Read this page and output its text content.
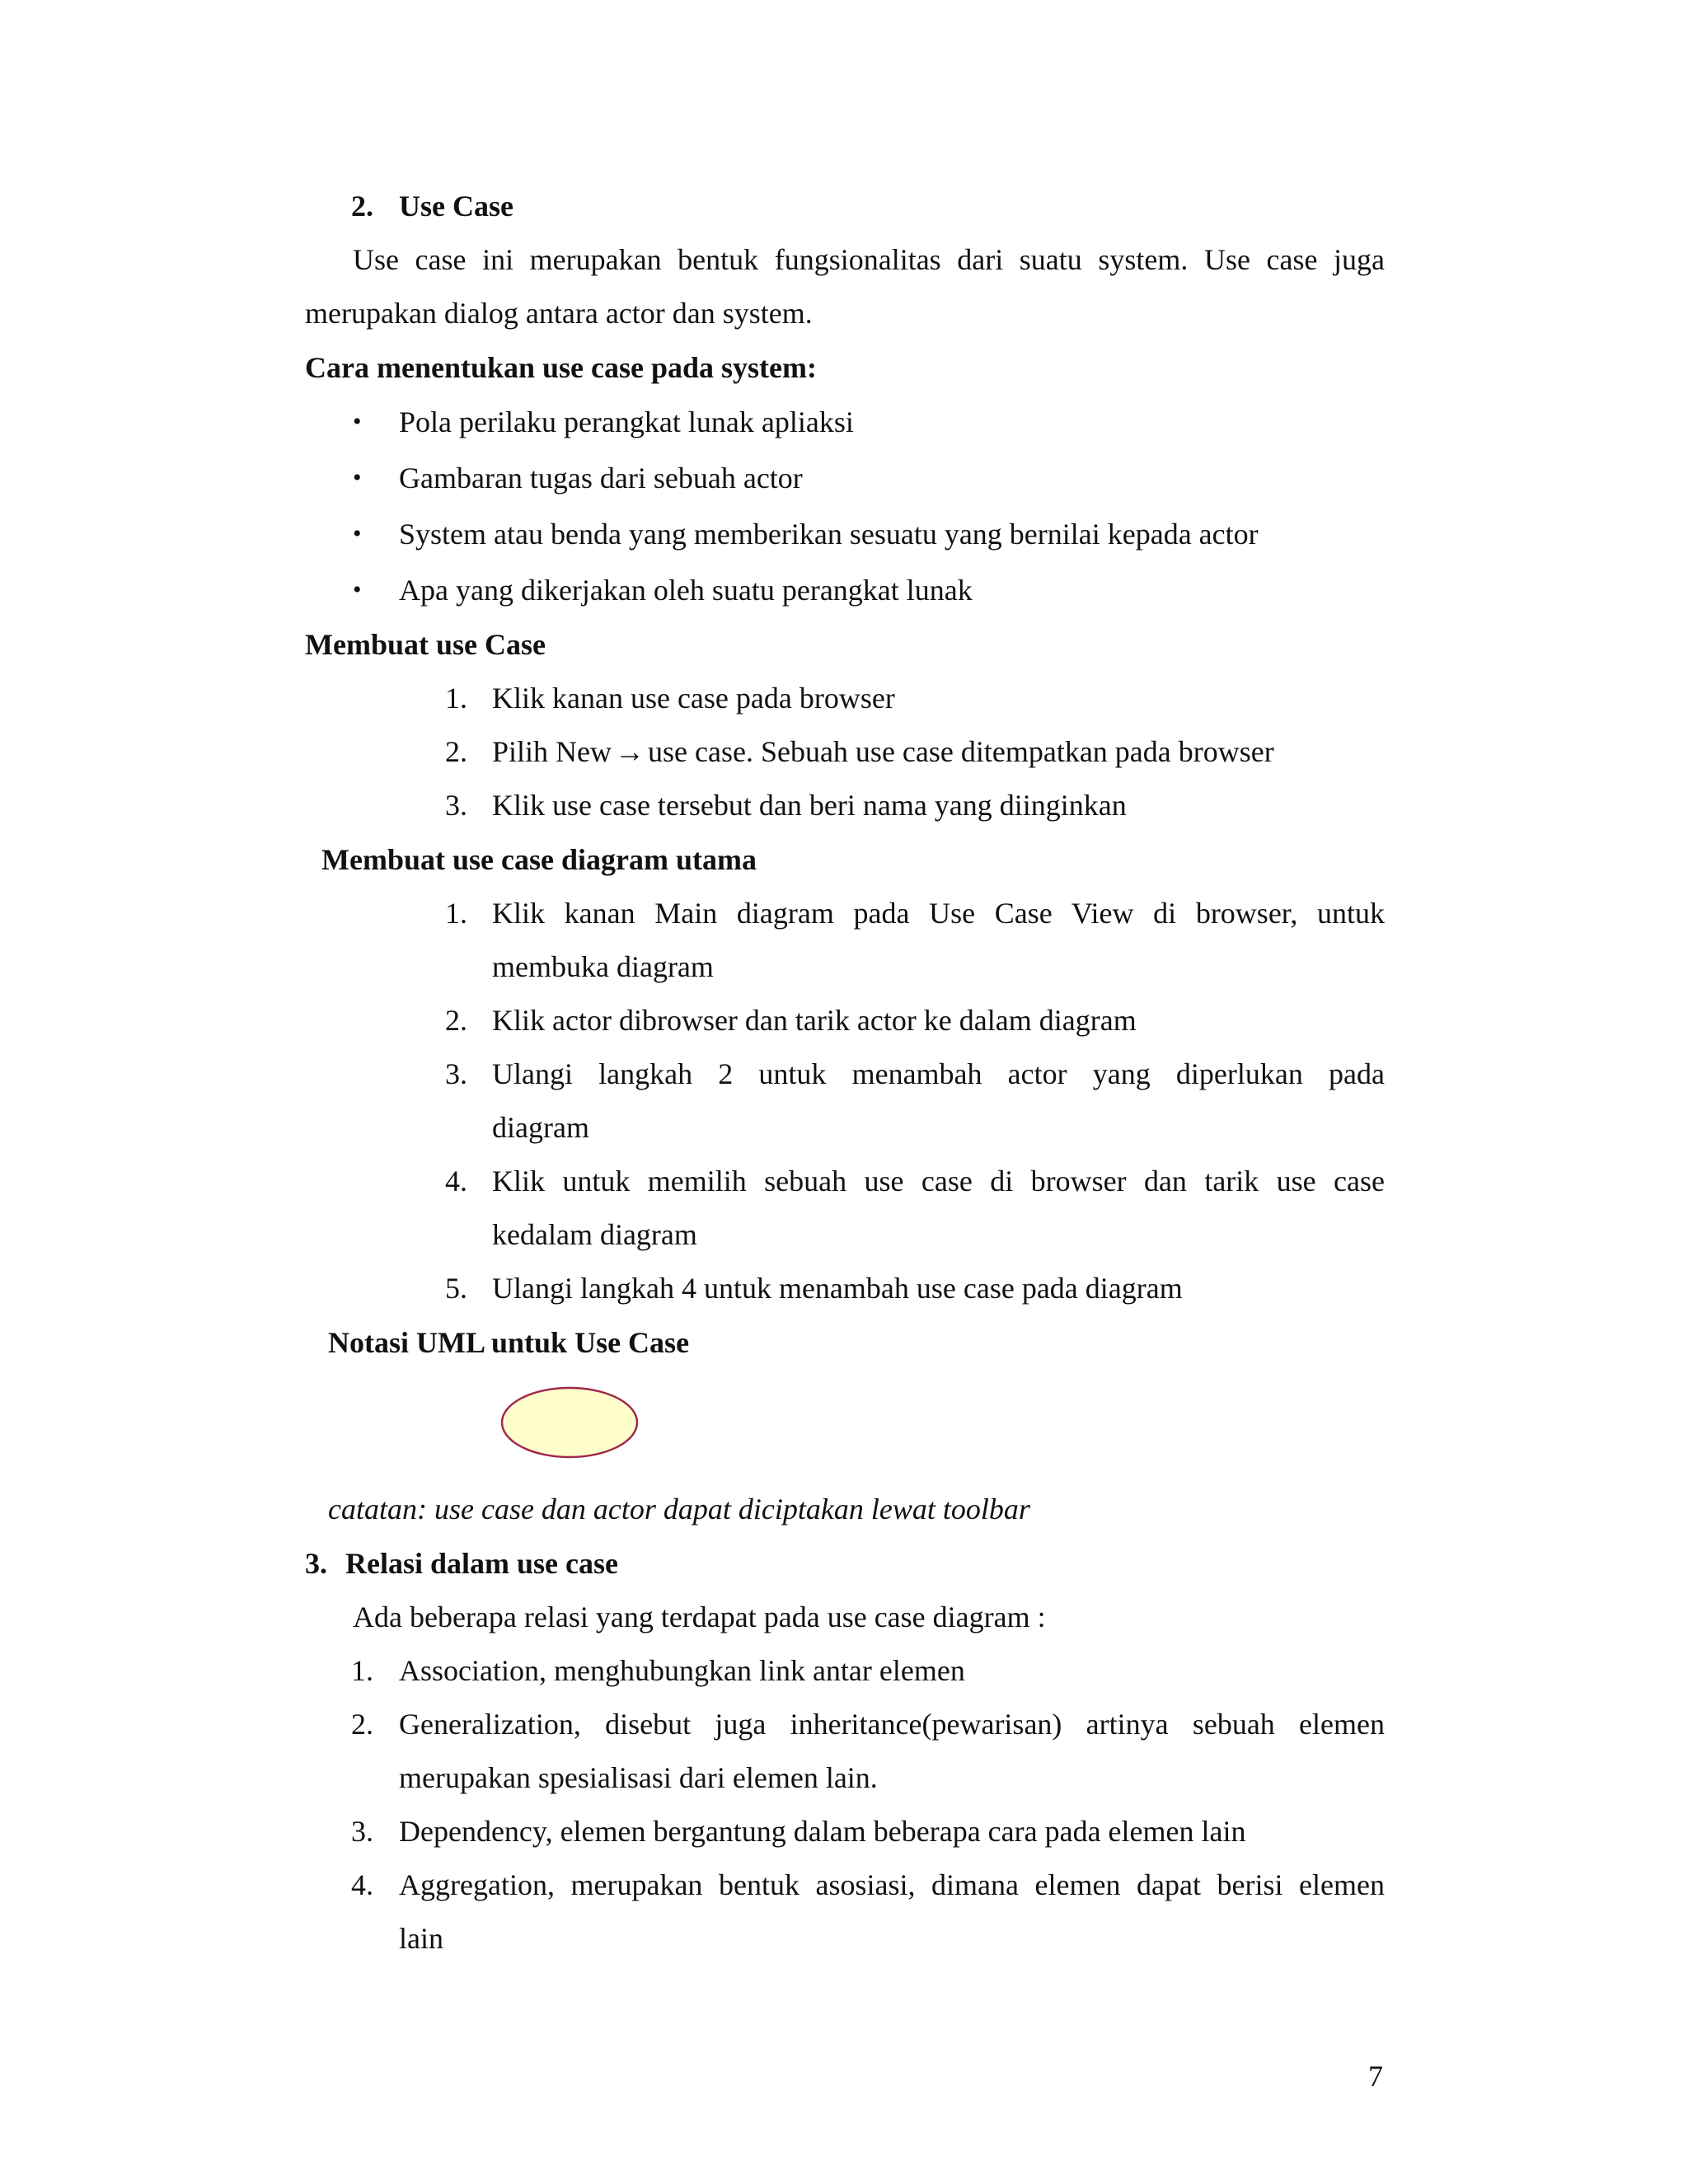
2. Use Case
Use case ini merupakan bentuk fungsionalitas dari suatu system. Use case juga
merupakan dialog antara actor dan system.
Cara menentukan use case pada system:
• Pola perilaku perangkat lunak apliaksi
• Gambaran tugas dari sebuah actor
• System atau benda yang memberikan sesuatu yang bernilai kepada actor
• Apa yang dikerjakan oleh suatu perangkat lunak
Membuat use Case
1. Klik kanan use case pada browser
2. Pilih New → use case. Sebuah use case ditempatkan pada browser
3. Klik use case tersebut dan beri nama yang diinginkan
Membuat use case diagram utama
1. Klik kanan Main diagram pada Use Case View di browser, untuk
membuka diagram
2. Klik actor dibrowser dan tarik actor ke dalam diagram
3. Ulangi langkah 2 untuk menambah actor yang diperlukan pada
diagram
4. Klik untuk memilih sebuah use case di browser dan tarik use case
kedalam diagram
5. Ulangi langkah 4 untuk menambah use case pada diagram
Notasi UML untuk Use Case
catatan: use case dan actor dapat diciptakan lewat toolbar
3. Relasi dalam use case
Ada beberapa relasi yang terdapat pada use case diagram :
1. Association, menghubungkan link antar elemen
2. Generalization, disebut juga inheritance(pewarisan) artinya sebuah elemen
merupakan spesialisasi dari elemen lain.
3. Dependency, elemen bergantung dalam beberapa cara pada elemen lain
4. Aggregation, merupakan bentuk asosiasi, dimana elemen dapat berisi elemen
lain
7
